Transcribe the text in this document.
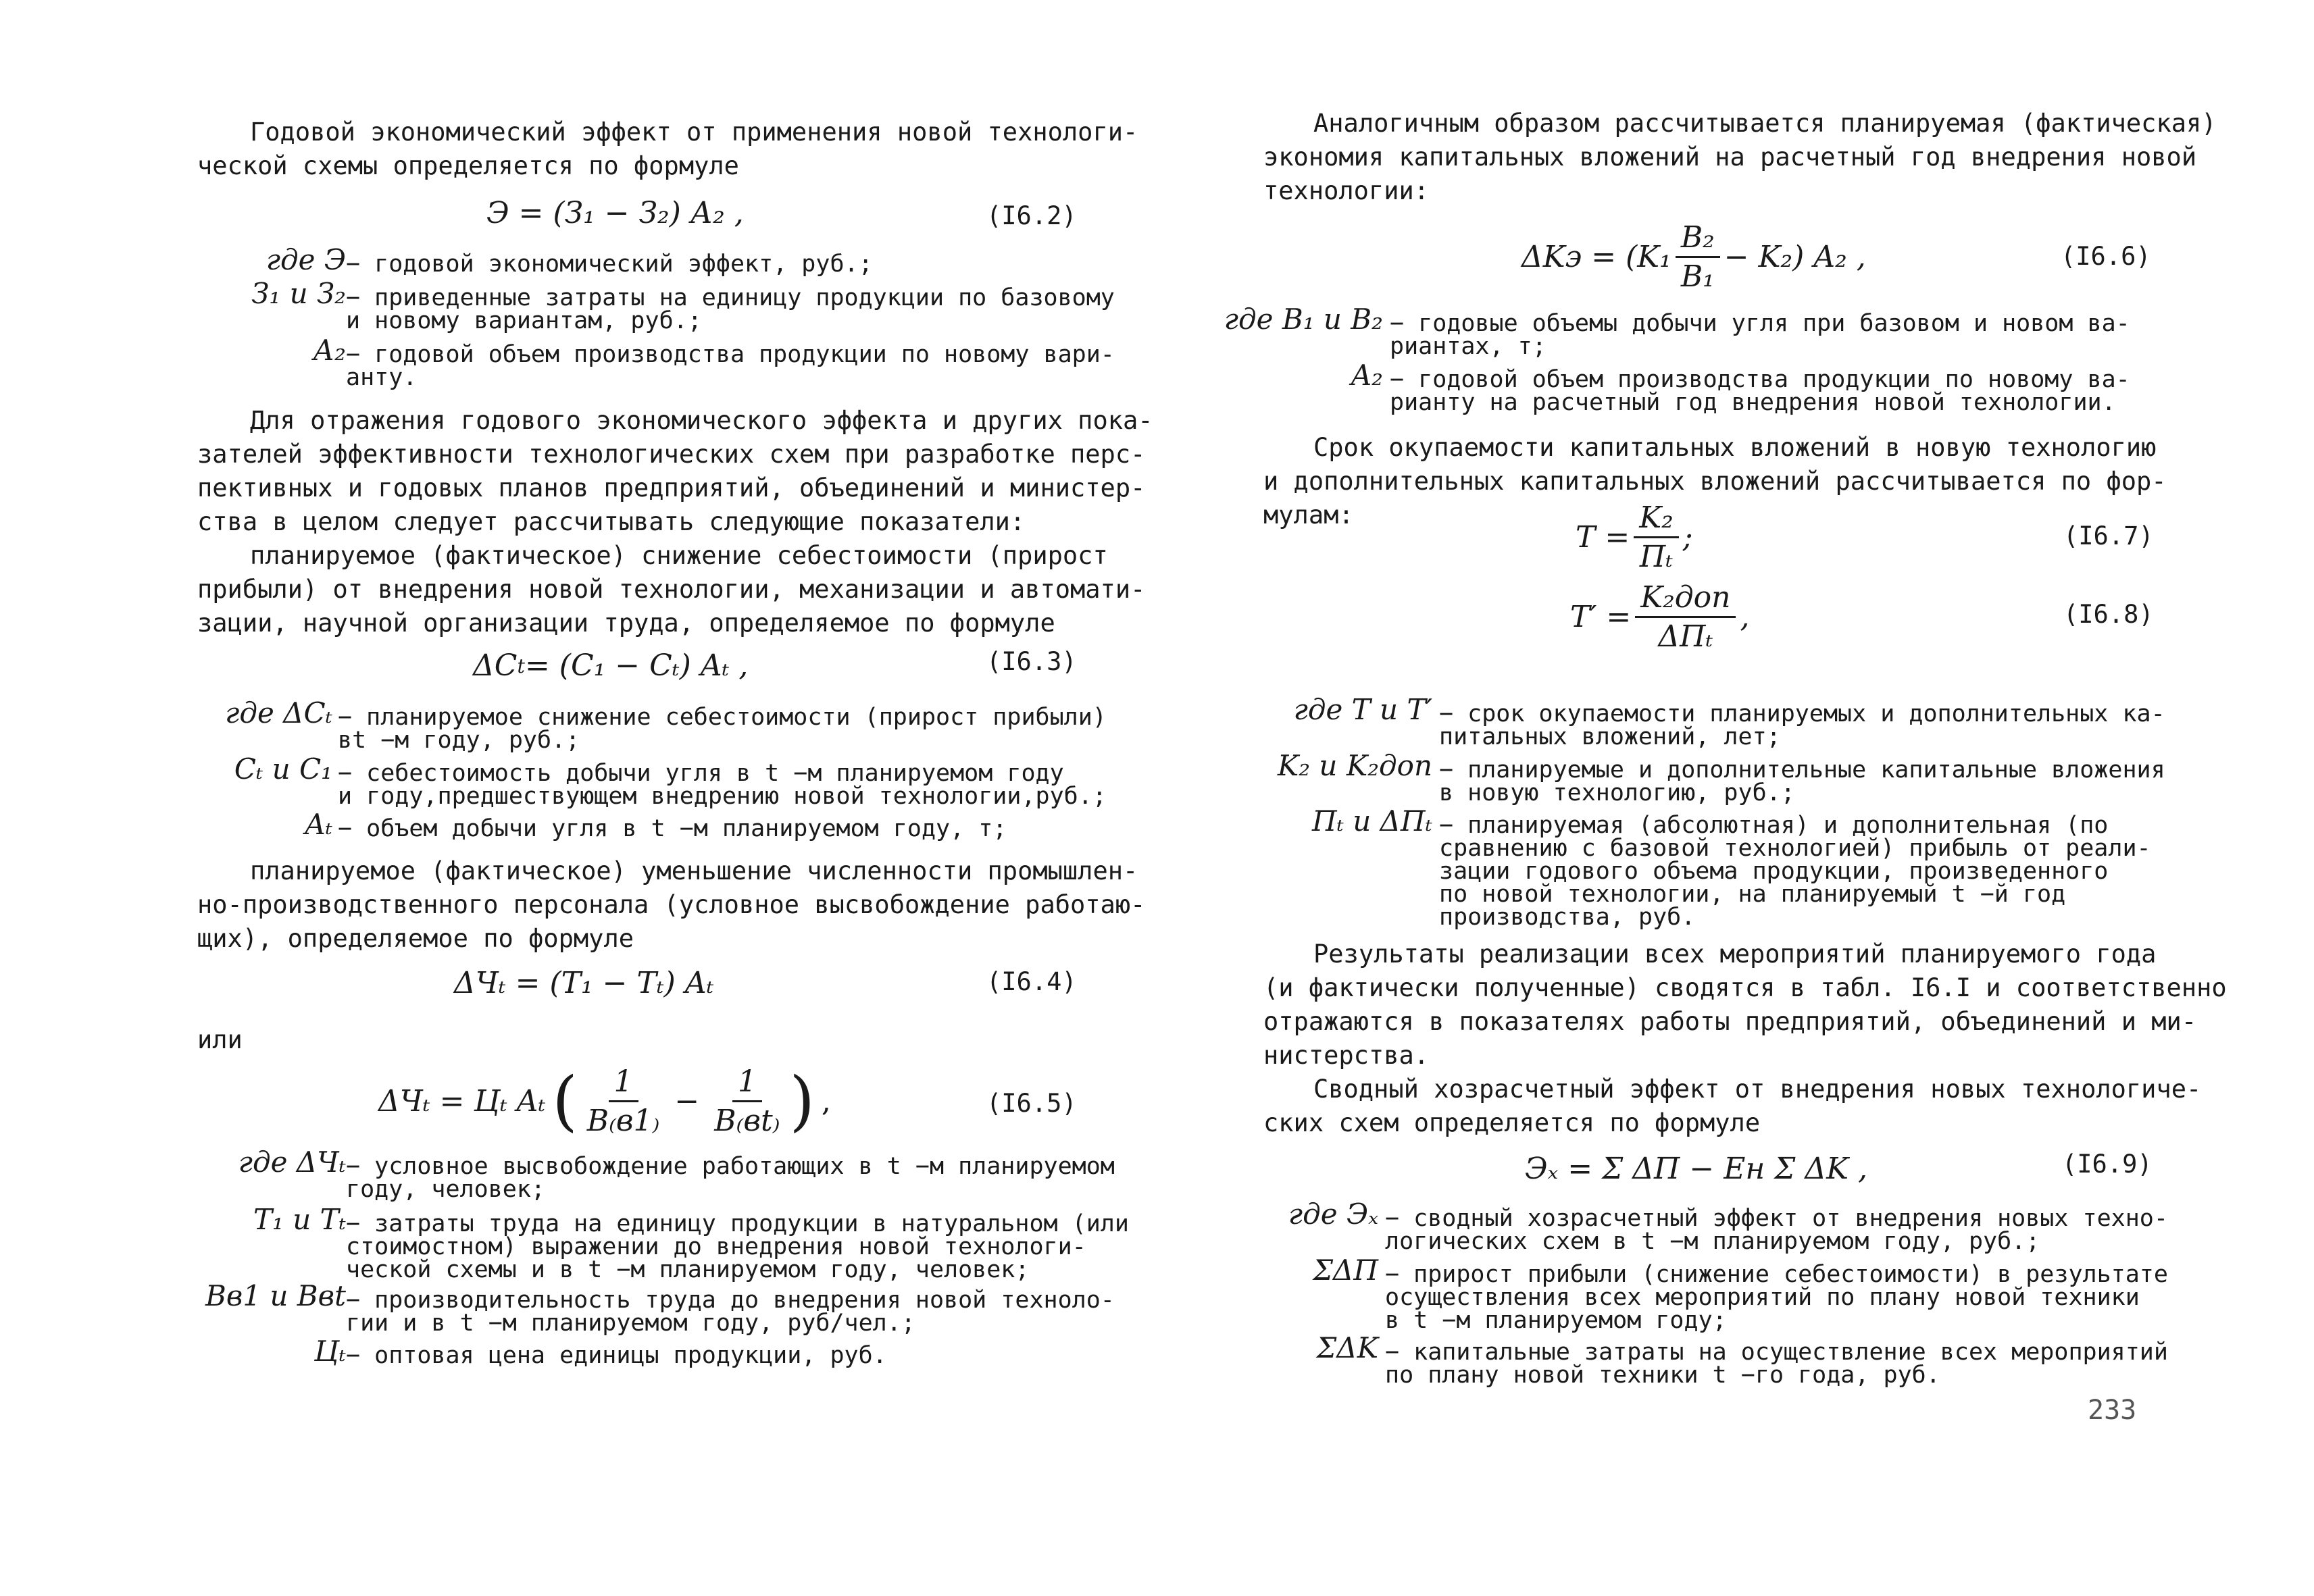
Годовой экономический эффект от применения новой технологи-
ческой схемы определяется по формуле
Э = (З₁ − З₂) А₂ ,	(I6.2)
где Э − годовой экономический эффект, руб.;
З₁ и З₂ − приведенные затраты на единицу продукции по базовому
и новому вариантам, руб.;
А₂ − годовой объем производства продукции по новому вари-
анту.
Для отражения годового экономического эффекта и других пока-
зателей эффективности технологических схем при разработке перс-
пективных и годовых планов предприятий, объединений и министер-
ства в целом следует рассчитывать следующие показатели:
планируемое (фактическое) снижение себестоимости (прирост
прибыли) от внедрения новой технологии, механизации и автомати-
зации, научной организации труда, определяемое по формуле
ΔC t = (C₁ − Cₜ) Aₜ ,	(I6.3)
где ΔCₜ − планируемое снижение себестоимости (прирост прибыли)
вt −м году, руб.;
Cₜ и C₁ − себестоимость добычи угля в t −м планируемом году
и году,предшествующем внедрению новой технологии,руб.;
Aₜ − объем добычи угля в t −м планируемом году, т;
планируемое (фактическое) уменьшение численности промышлен-
но-производственного персонала (условное высвобождение работаю-
щих), определяемое по формуле
ΔЧₜ = (T₁ − Tₜ) Aₜ	(I6.4)
или
ΔЧₜ = Цₜ Aₜ ( $\frac{1}{B_(в1_)} - \frac{1}{B_(вt_)}$ ) ,	(I6.5)
где ΔЧₜ − условное высвобождение работающих в t −м планируемом
году, человек;
T₁ и Tₜ − затраты труда на единицу продукции в натуральном (или
стоимостном) выражении до внедрения новой технологи-
ческой схемы и в t −м планируемом году, человек;
Bв1 и Bвt − производительность труда до внедрения новой техноло-
гии и в t −м планируемом году, руб/чел.;
Цₜ − оптовая цена единицы продукции, руб.
Аналогичным образом рассчитывается планируемая (фактическая)
экономия капитальных вложений на расчетный год внедрения новой
технологии:
$\Delta Kэ = (K_1 \frac{\text{B₂}}{\text{B₁}} - K_2)$ A₂ ,	(I6.6)
где B₁ и B₂ − годовые объемы добычи угля при базовом и новом ва-
риантах, т;
A₂ − годовой объем производства продукции по новому ва-
рианту на расчетный год внедрения новой технологии.
Срок окупаемости капитальных вложений в новую технологию
и дополнительных капитальных вложений рассчитывается по фор-
мулам:
$T = \frac{\text{K₂}}{\text{Пₜ}}$ ;	(I6.7)
$T' = \frac{\text{K₂доп}}{\text{ΔПₜ}}$ ,	(I6.8)
где T и T′ − срок окупаемости планируемых и дополнительных ка-
питальных вложений, лет;
K₂ и K₂доп − планируемые и дополнительные капитальные вложения
в новую технологию, руб.;
Пₜ и ΔПₜ − планируемая (абсолютная) и дополнительная (по
сравнению с базовой технологией) прибыль от реали-
зации годового объема продукции, произведенного
по новой технологии, на планируемый t −й год
производства, руб.
Результаты реализации всех мероприятий планируемого года
(и фактически полученные) сводятся в табл. I6.I и соответственно
отражаются в показателях работы предприятий, объединений и ми-
нистерства.
Сводный хозрасчетный эффект от внедрения новых технологиче-
ских схем определяется по формуле
Эₓ = Σ ΔП − Eн Σ ΔK ,	(I6.9)
где Эₓ − сводный хозрасчетный эффект от внедрения новых техно-
логических схем в t −м планируемом году, руб.;
ΣΔП − прирост прибыли (снижение себестоимости) в результате
осуществления всех мероприятий по плану новой техники
в t −м планируемом году;
ΣΔK − капитальные затраты на осуществление всех мероприятий
по плану новой техники t −го года, руб.
233
